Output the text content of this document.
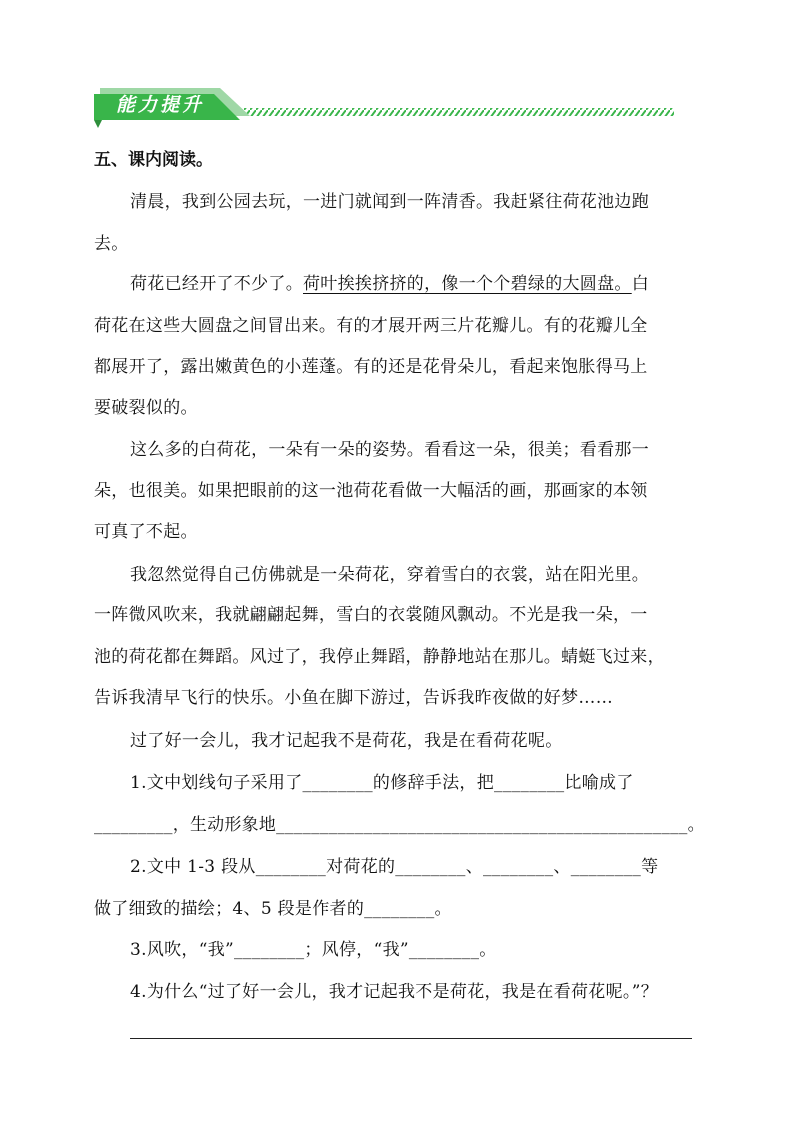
能力提升
五、课内阅读。
清晨，我到公园去玩，一进门就闻到一阵清香。我赶紧往荷花池边跑
去。
荷花已经开了不少了。荷叶挨挨挤挤的，像一个个碧绿的大圆盘。白
荷花在这些大圆盘之间冒出来。有的才展开两三片花瓣儿。有的花瓣儿全
都展开了，露出嫩黄色的小莲蓬。有的还是花骨朵儿，看起来饱胀得马上
要破裂似的。
这么多的白荷花，一朵有一朵的姿势。看看这一朵，很美；看看那一
朵，也很美。如果把眼前的这一池荷花看做一大幅活的画，那画家的本领
可真了不起。
我忽然觉得自己仿佛就是一朵荷花，穿着雪白的衣裳，站在阳光里。
一阵微风吹来，我就翩翩起舞，雪白的衣裳随风飘动。不光是我一朵，一
池的荷花都在舞蹈。风过了，我停止舞蹈，静静地站在那儿。蜻蜓飞过来，
告诉我清早飞行的快乐。小鱼在脚下游过，告诉我昨夜做的好梦……
过了好一会儿，我才记起我不是荷花，我是在看荷花呢。
1.文中划线句子采用了________的修辞手法，把________比喻成了
_________，生动形象地_______________________________________________。
2.文中 1-3 段从________对荷花的________、________、________等
做了细致的描绘；4、5 段是作者的________。
3.风吹，“我”________；风停，“我”________。
4.为什么“过了好一会儿，我才记起我不是荷花，我是在看荷花呢。”？
